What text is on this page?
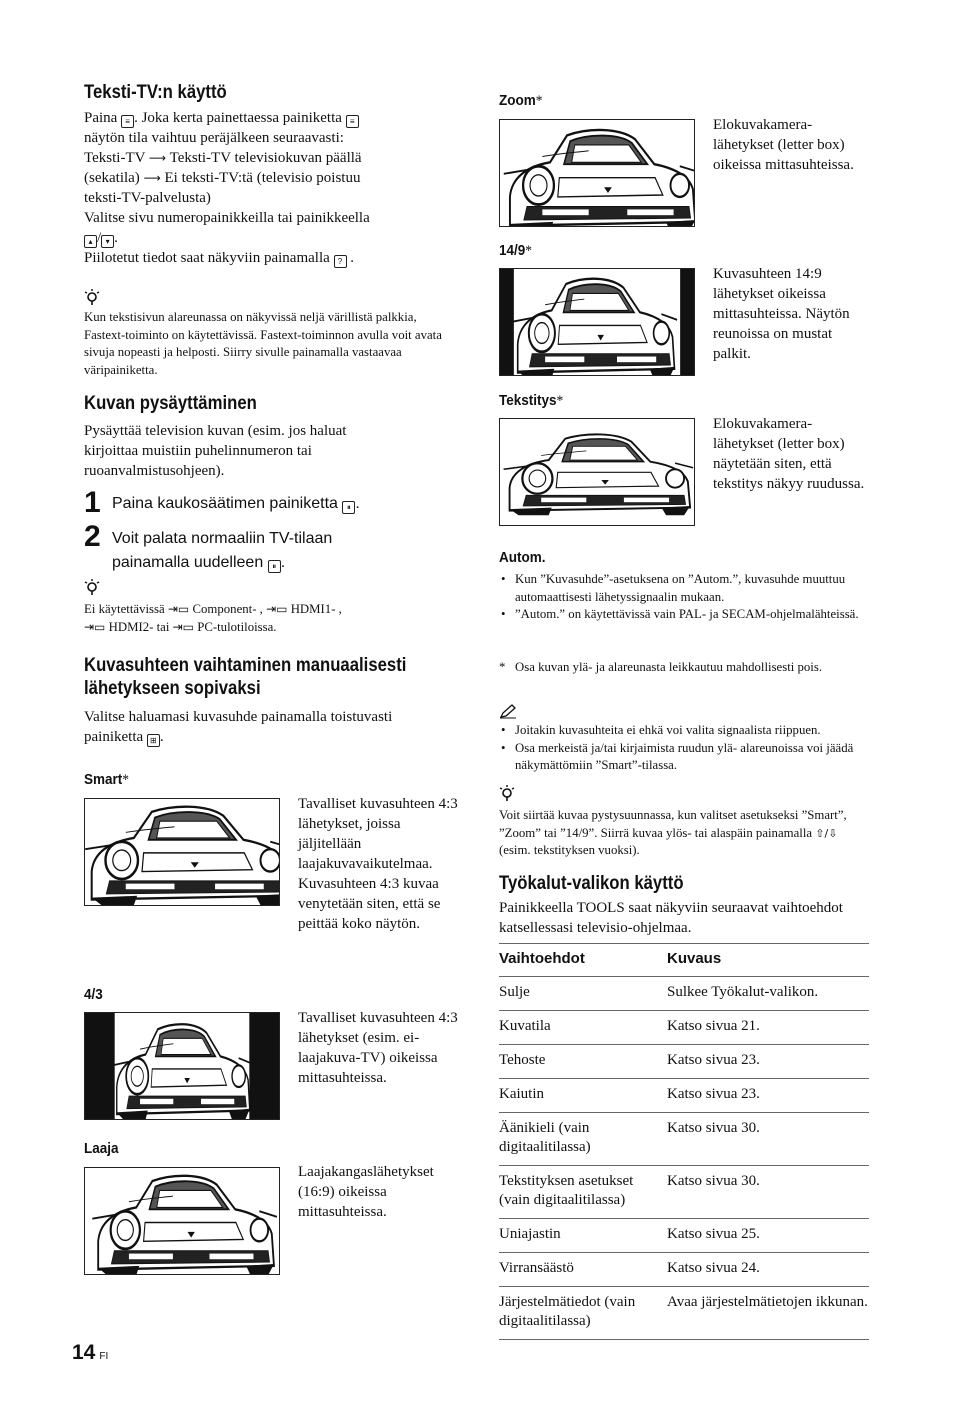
Teksti-TV:n käyttö
Paina ≡ . Joka kerta painettaessa painiketta ≡
näytön tila vaihtuu peräjälkeen seuraavasti:
Teksti-TV ⟶ Teksti-TV televisiokuvan päällä
(sekatila) ⟶ Ei teksti-TV:tä (televisio poistuu
teksti-TV-palvelusta)
Valitse sivu numeropainikkeilla tai painikkeella
▴ / ▾ .
Piilotetut tiedot saat näkyviin painamalla ? .
Kun tekstisivun alareunassa on näkyvissä neljä värillistä palkkia, Fastext-toiminto on käytettävissä. Fastext-toiminnon avulla voit avata sivuja nopeasti ja helposti. Siirry sivulle painamalla vastaavaa väripainiketta.
Kuvan pysäyttäminen
Pysäyttää television kuvan (esim. jos haluat kirjoittaa muistiin puhelinnumeron tai ruoanvalmistusohjeen).
1 Paina kaukosäätimen painiketta ⏸ .
2 Voit palata normaaliin TV-tilaan
painamalla uudelleen ⏸ .
Ei käytettävissä ⇥▭ Component- , ⇥▭ HDMI1- ,
⇥▭ HDMI2- tai ⇥▭ PC-tulotiloissa.
Kuvasuhteen vaihtaminen manuaalisesti
lähetykseen sopivaksi
Valitse haluamasi kuvasuhde painamalla toistuvasti
painiketta ⊞ .
Smart*
Tavalliset kuvasuhteen 4:3 lähetykset, joissa jäljitellään laajakuvavaikutelmaa. Kuvasuhteen 4:3 kuvaa venytetään siten, että se peittää koko näytön.
4/3
Tavalliset kuvasuhteen 4:3 lähetykset (esim. ei-laajakuva-TV) oikeissa mittasuhteissa.
Laaja
Laajakangaslähetykset (16:9) oikeissa mittasuhteissa.
14 FI
Zoom*
Elokuvakamera-lähetykset (letter box) oikeissa mittasuhteissa.
14/9*
Kuvasuhteen 14:9 lähetykset oikeissa mittasuhteissa. Näytön reunoissa on mustat palkit.
Tekstitys*
Elokuvakamera-lähetykset (letter box) näytetään siten, että tekstitys näkyy ruudussa.
Autom.
• Kun ”Kuvasuhde”-asetuksena on ”Autom.”, kuvasuhde muuttuu automaattisesti lähetyssignaalin mukaan.
• ”Autom.” on käytettävissä vain PAL- ja SECAM-ohjelmalähteissä.
* Osa kuvan ylä- ja alareunasta leikkautuu mahdollisesti pois.
• Joitakin kuvasuhteita ei ehkä voi valita signaalista riippuen.
• Osa merkeistä ja/tai kirjaimista ruudun ylä- alareunoissa voi jäädä näkymättömiin ”Smart”-tilassa.
Voit siirtää kuvaa pystysuunnassa, kun valitset asetukseksi ”Smart”, ”Zoom” tai ”14/9”. Siirrä kuvaa ylös- tai alaspäin painamalla ⇧/⇩ (esim. tekstityksen vuoksi).
Työkalut-valikon käyttö
Painikkeella TOOLS saat näkyviin seuraavat vaihtoehdot katsellessasi televisio-ohjelmaa.
Vaihtoehdot	Kuvaus
Sulje	Sulkee Työkalut-valikon.
Kuvatila	Katso sivua 21.
Tehoste	Katso sivua 23.
Kaiutin	Katso sivua 23.
Äänikieli (vain digitaalitilassa)	Katso sivua 30.
Tekstityksen asetukset (vain digitaalitilassa)	Katso sivua 30.
Uniajastin	Katso sivua 25.
Virransäästö	Katso sivua 24.
Järjestelmätiedot (vain digitaalitilassa)	Avaa järjestelmätietojen ikkunan.
